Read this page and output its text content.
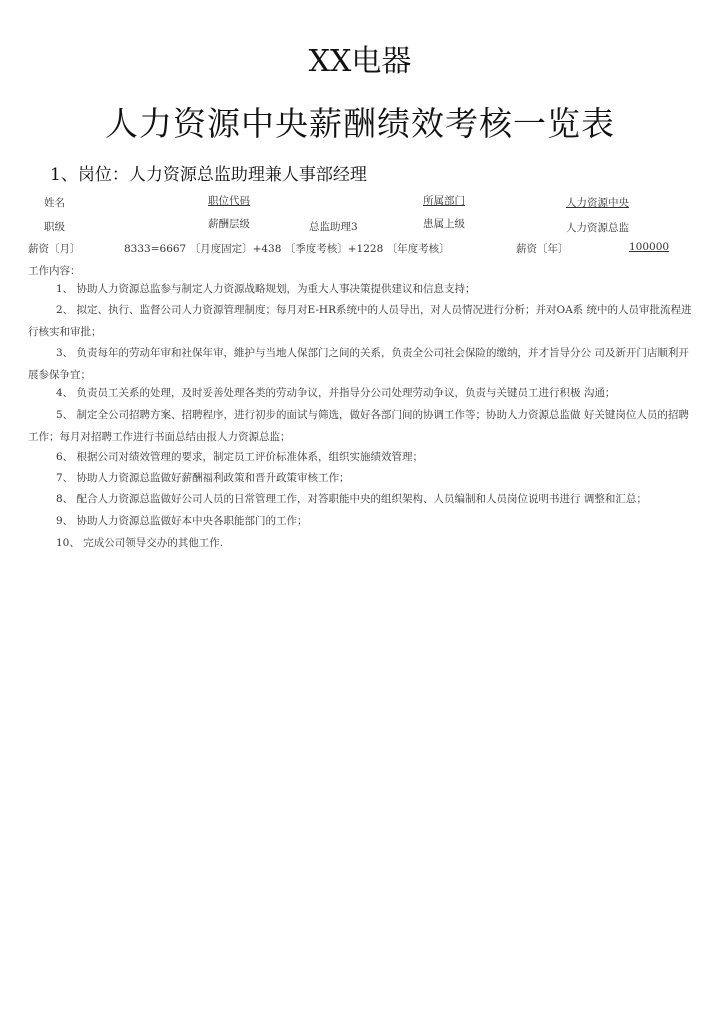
XX电器
人力资源中央薪酬绩效考核一览表
1、岗位：人力资源总监助理兼人事部经理
姓名	职位代码	所属部门	人力资源中央
职级	薪酬层级	总监助理3	患属上级	人力资源总监
薪资〔月〕	8333=6667 〔月度固定〕+438 〔季度考核〕+1228 〔年度考核〕	薪资〔年〕	100000
工作内容：
1、 协助人力资源总监参与制定人力资源战略规划，为重大人事决策提供建议和信息支持；
2、 拟定、执行、监督公司人力资源管理制度；每月对E-HR系统中的人员导出，对人员情况进行分析；并对OA系 统中的人员审批流程进行核实和审批；
3、 负责每年的劳动年审和社保年审，維护与当地人保部门之间的关系，负责全公司社会保险的缴纳，并才旨导分公 司及新开门店顺利开展参保争宜；
4、 负责员工关系的处理，及时妥善处理各类的劳动争议，并指导分公司处理劳动争议，负责与关键员工进行积极 沟通；
5、 制定全公司招聘方案、招聘程序，进行初步的面试与筛选，做好各部门间的协调工作等；协助人力资源总监做 好关键岗位人员的招聘工作；每月对招聘工作进行书面总结由报人力资源总监；
6、 根据公司对绩效管理的要求，制定员工评价标准体系，组织实施绩效管理；
7、 协助人力资源总监做好薪酬福利政策和晋升政策审核工作；
8、 配合人力资源总监做好公司人员的日常管理工作，对答职能中央的组织架构、人员编制和人员岗位说明书进行 调整和汇总；
9、 协助人力资源总监做好本中央各职能部门的工作；
10、 完成公司领导交办的其他工作.
